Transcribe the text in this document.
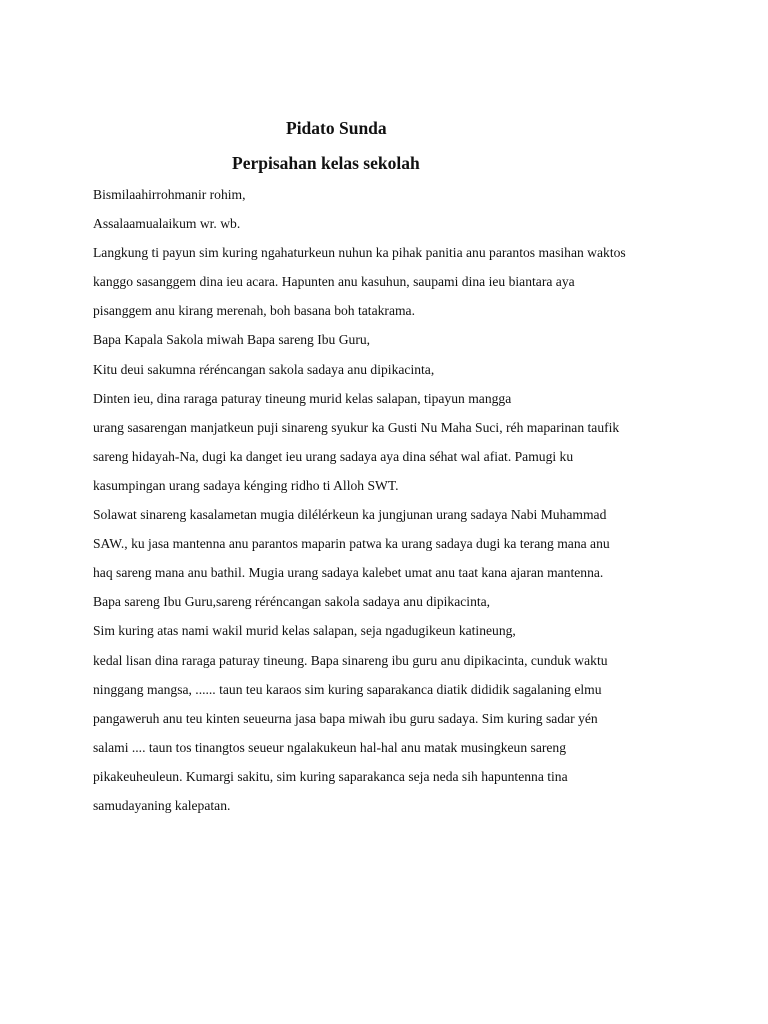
Pidato Sunda
Perpisahan kelas sekolah

Bismilaahirrohmanir rohim,

Assalaamualaikum wr. wb.

Langkung ti payun sim kuring ngahaturkeun nuhun ka pihak panitia anu parantos masihan waktos

kanggo sasanggem dina ieu acara. Hapunten anu kasuhun, saupami dina ieu biantara aya

pisanggem anu kirang merenah, boh basana boh tatakrama.

Bapa Kapala Sakola miwah Bapa sareng Ibu Guru,

Kitu deui sakumna réréncangan sakola sadaya anu dipikacinta,

Dinten ieu, dina raraga paturay tineung murid kelas salapan, tipayun mangga

urang sasarengan manjatkeun puji sinareng syukur ka Gusti Nu Maha Suci, réh maparinan taufik

sareng hidayah-Na, dugi ka danget ieu urang sadaya aya dina séhat wal afiat. Pamugi ku

kasumpingan urang sadaya kénging ridho ti Alloh SWT.

Solawat sinareng kasalametan mugia dilélérkeun ka jungjunan urang sadaya Nabi Muhammad

SAW., ku jasa mantenna anu parantos maparin patwa ka urang sadaya dugi ka terang mana anu

haq sareng mana anu bathil. Mugia urang sadaya kalebet umat anu taat kana ajaran mantenna.

Bapa sareng Ibu Guru,sareng réréncangan sakola sadaya anu dipikacinta,

Sim kuring atas nami wakil murid kelas salapan, seja ngadugikeun katineung,

kedal lisan dina raraga paturay tineung. Bapa sinareng ibu guru anu dipikacinta, cunduk waktu

ninggang mangsa, ...... taun teu karaos sim kuring saparakanca diatik dididik sagalaning elmu

pangaweruh anu teu kinten seueurna jasa bapa miwah ibu guru sadaya. Sim kuring sadar yén

salami .... taun tos tinangtos seueur ngalakukeun hal-hal anu matak musingkeun sareng

pikakeuheuleun. Kumargi sakitu, sim kuring saparakanca seja neda sih hapuntenna tina

samudayaning kalepatan.
